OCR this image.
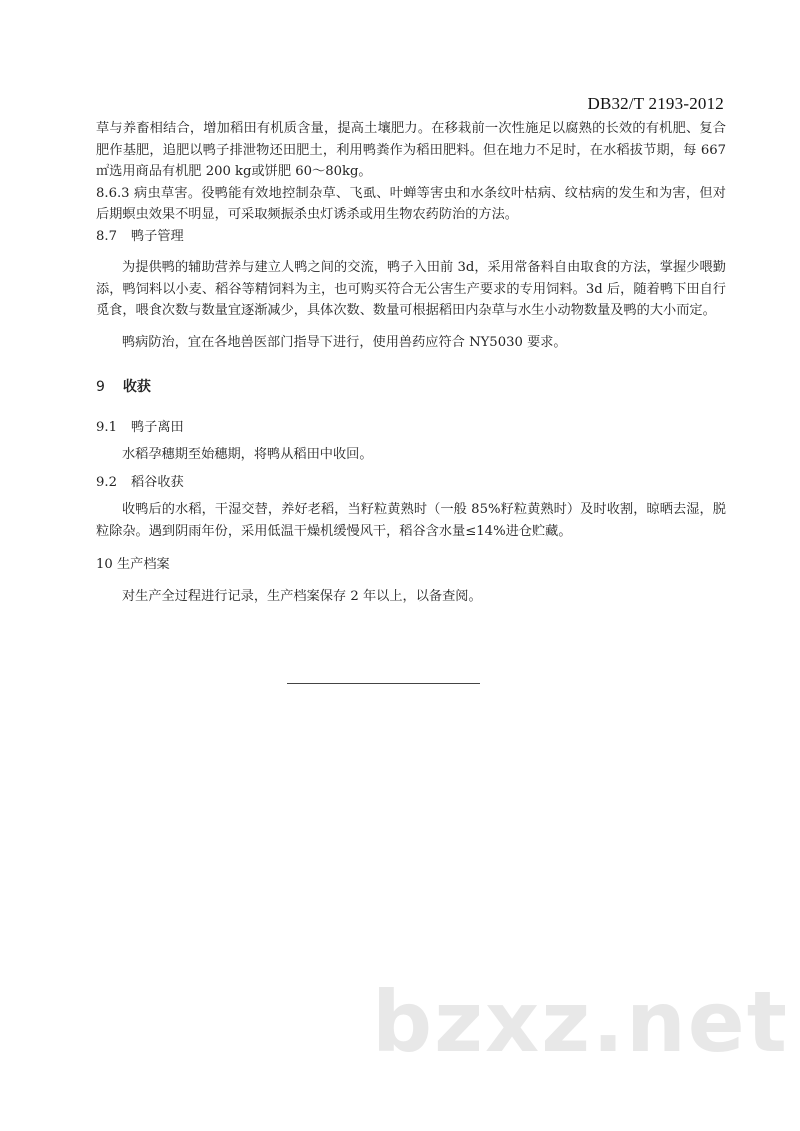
DB32/T 2193-2012

草与养畜相结合，增加稻田有机质含量，提高土壤肥力。在移栽前一次性施足以腐熟的长效的有机肥、复合肥作基肥，追肥以鸭子排泄物还田肥土，利用鸭粪作为稻田肥料。但在地力不足时，在水稻拔节期，每 667 ㎡选用商品有机肥 200 kg或饼肥 60～80kg。

8.6.3 病虫草害。役鸭能有效地控制杂草、飞虱、叶蝉等害虫和水条纹叶枯病、纹枯病的发生和为害，但对后期螟虫效果不明显，可采取频振杀虫灯诱杀或用生物农药防治的方法。

8.7 鸭子管理

为提供鸭的辅助营养与建立人鸭之间的交流，鸭子入田前 3d，采用常备料自由取食的方法，掌握少喂勤添，鸭饲料以小麦、稻谷等精饲料为主，也可购买符合无公害生产要求的专用饲料。3d 后，随着鸭下田自行觅食，喂食次数与数量宜逐渐减少，具体次数、数量可根据稻田内杂草与水生小动物数量及鸭的大小而定。

鸭病防治，宜在各地兽医部门指导下进行，使用兽药应符合 NY5030 要求。

9 收获

9.1 鸭子离田

水稻孕穗期至始穗期，将鸭从稻田中收回。

9.2 稻谷收获

收鸭后的水稻，干湿交替，养好老稻，当籽粒黄熟时（一般 85%籽粒黄熟时）及时收割，晾晒去湿，脱粒除杂。遇到阴雨年份，采用低温干燥机缓慢风干，稻谷含水量≤14%进仓贮藏。

10 生产档案

对生产全过程进行记录，生产档案保存 2 年以上，以备查阅。

bzxz.net
